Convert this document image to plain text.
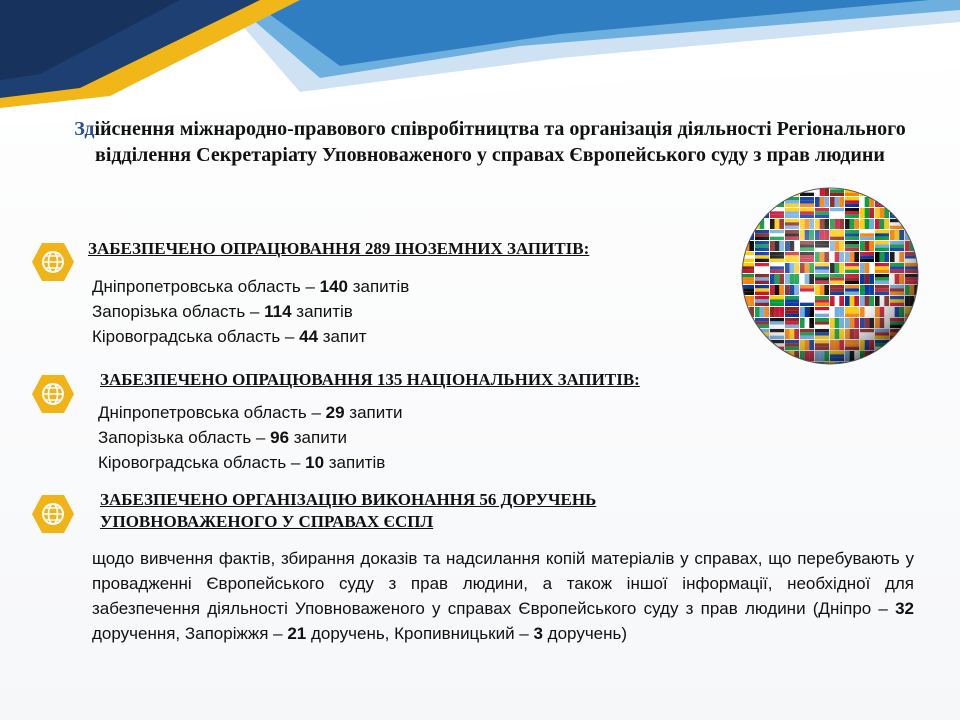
Здійснення міжнародно-правового співробітництва та організація діяльності Регіонального відділення Секретаріату Уповноваженого у справах Європейського суду з прав людини
ЗАБЕЗПЕЧЕНО ОПРАЦЮВАННЯ 289 ІНОЗЕМНИХ ЗАПИТІВ:
Дніпропетровська область – 140 запитів
Запорізька область – 114 запитів
Кіровоградська область – 44 запит
ЗАБЕЗПЕЧЕНО ОПРАЦЮВАННЯ 135 НАЦІОНАЛЬНИХ ЗАПИТІВ:
Дніпропетровська область – 29 запити
Запорізька область – 96 запити
Кіровоградська область – 10 запитів
ЗАБЕЗПЕЧЕНО ОРГАНІЗАЦІЮ ВИКОНАННЯ 56 ДОРУЧЕНЬ
УПОВНОВАЖЕНОГО У СПРАВАХ ЄСПЛ
щодо вивчення фактів, збирання доказів та надсилання копій матеріалів у справах, що перебувають у провадженні Європейського суду з прав людини, а також іншої інформації, необхідної для забезпечення діяльності Уповноваженого у справах Європейського суду з прав людини (Дніпро – 32 доручення, Запоріжжя – 21 доручень, Кропивницький – 3 доручень)
